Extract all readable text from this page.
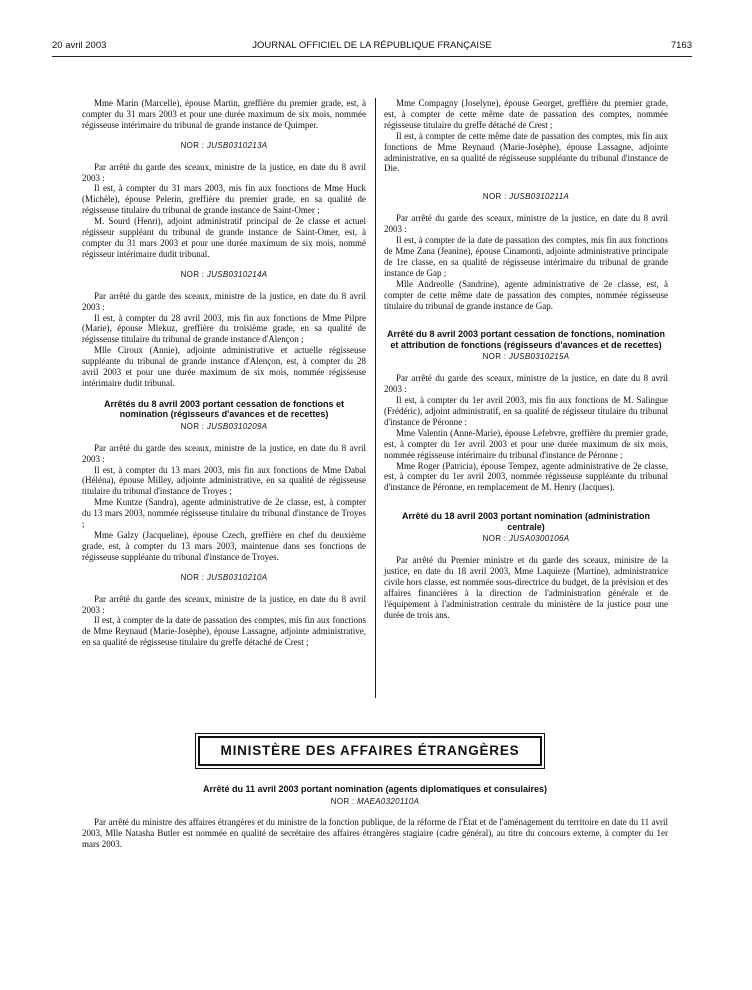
20 avril 2003	JOURNAL OFFICIEL DE LA RÉPUBLIQUE FRANÇAISE	7163

Mme Marin (Marcelle), épouse Martin, greffière du premier grade, est, à compter du 31 mars 2003 et pour une durée maximum de six mois, nommée régisseuse intérimaire du tribunal de grande instance de Quimper.

NOR : JUSB0310213A

Par arrêté du garde des sceaux, ministre de la justice, en date du 8 avril 2003 :

Il est, à compter du 31 mars 2003, mis fin aux fonctions de Mme Huck (Michèle), épouse Pelerin, greffière du premier grade, en sa qualité de régisseuse titulaire du tribunal de grande instance de Saint-Omer ;

M. Sourd (Henri), adjoint administratif principal de 2e classe et actuel régisseur suppléant du tribunal de grande instance de Saint-Omer, est, à compter du 31 mars 2003 et pour une durée maximum de six mois, nommé régisseur intérimaire dudit tribunal.

NOR : JUSB0310214A

Par arrêté du garde des sceaux, ministre de la justice, en date du 8 avril 2003 :

Il est, à compter du 28 avril 2003, mis fin aux fonctions de Mme Pilpre (Marie), épouse Mlekuz, greffière du troisième grade, en sa qualité de régisseuse titulaire du tribunal de grande instance d'Alençon ;

Mlle Ciroux (Annie), adjointe administrative et actuelle régisseuse suppléante du tribunal de grande instance d'Alençon, est, à compter du 28 avril 2003 et pour une durée maximum de six mois, nommée régisseuse intérimaire dudit tribunal.

Arrêtés du 8 avril 2003 portant cessation de fonctions et nomination (régisseurs d'avances et de recettes)
NOR : JUSB0310209A

Par arrêté du garde des sceaux, ministre de la justice, en date du 8 avril 2003 :

Il est, à compter du 13 mars 2003, mis fin aux fonctions de Mme Dabal (Héléna), épouse Milley, adjointe administrative, en sa qualité de régisseuse titulaire du tribunal d'instance de Troyes ;

Mme Kuntze (Sandra), agente administrative de 2e classe, est, à compter du 13 mars 2003, nommée régisseuse titulaire du tribunal d'instance de Troyes ;

Mme Galzy (Jacqueline), épouse Czech, greffière en chef du deuxième grade, est, à compter du 13 mars 2003, maintenue dans ses fonctions de régisseuse suppléante du tribunal d'instance de Troyes.

NOR : JUSB0310210A

Par arrêté du garde des sceaux, ministre de la justice, en date du 8 avril 2003 :

Il est, à compter de la date de passation des comptes, mis fin aux fonctions de Mme Reynaud (Marie-Josèphe), épouse Lassagne, adjointe administrative, en sa qualité de régisseuse titulaire du greffe détaché de Crest ;

Mme Compagny (Joselyne), épouse Georget, greffière du premier grade, est, à compter de cette même date de passation des comptes, nommée régisseuse titulaire du greffe détaché de Crest ;

Il est, à compter de cette même date de passation des comptes, mis fin aux fonctions de Mme Reynaud (Marie-Josèphe), épouse Lassagne, adjointe administrative, en sa qualité de régisseuse suppléante du tribunal d'instance de Die.

NOR : JUSB0310211A

Par arrêté du garde des sceaux, ministre de la justice, en date du 8 avril 2003 :

Il est, à compter de la date de passation des comptes, mis fin aux fonctions de Mme Zana (Jeanine), épouse Cinamonti, adjointe administrative principale de 1re classe, en sa qualité de régisseuse intérimaire du tribunal de grande instance de Gap ;

Mlle Andreolle (Sandrine), agente administrative de 2e classe, est, à compter de cette même date de passation des comptes, nommée régisseuse titulaire du tribunal de grande instance de Gap.

Arrêté du 8 avril 2003 portant cessation de fonctions, nomination et attribution de fonctions (régisseurs d'avances et de recettes)
NOR : JUSB0310215A

Par arrêté du garde des sceaux, ministre de la justice, en date du 8 avril 2003 :

Il est, à compter du 1er avril 2003, mis fin aux fonctions de M. Salingue (Frédéric), adjoint administratif, en sa qualité de régisseur titulaire du tribunal d'instance de Péronne :

Mme Valentin (Anne-Marie), épouse Lefebvre, greffière du premier grade, est, à compter du 1er avril 2003 et pour une durée maximum de six mois, nommée régisseuse intérimaire du tribunal d'instance de Péronne ;

Mme Roger (Patricia), épouse Tempez, agente administrative de 2e classe, est, à compter du 1er avril 2003, nommée régisseuse suppléante du tribunal d'instance de Péronne, en remplacement de M. Henry (Jacques).

Arrêté du 18 avril 2003 portant nomination (administration centrale)
NOR : JUSA0300106A

Par arrêté du Premier ministre et du garde des sceaux, ministre de la justice, en date du 18 avril 2003, Mme Laquieze (Martine), administratrice civile hors classe, est nommée sous-directrice du budget, de la prévision et des affaires financières à la direction de l'administration générale et de l'équipement à l'administration centrale du ministère de la justice pour une durée de trois ans.

MINISTÈRE DES AFFAIRES ÉTRANGÈRES
Arrêté du 11 avril 2003 portant nomination (agents diplomatiques et consulaires)
NOR : MAEA0320110A

Par arrêté du ministre des affaires étrangères et du ministre de la fonction publique, de la réforme de l'État et de l'aménagement du territoire en date du 11 avril 2003, Mlle Natasha Butler est nommée en qualité de secrétaire des affaires étrangères stagiaire (cadre général), au titre du concours externe, à compter du 1er mars 2003.
